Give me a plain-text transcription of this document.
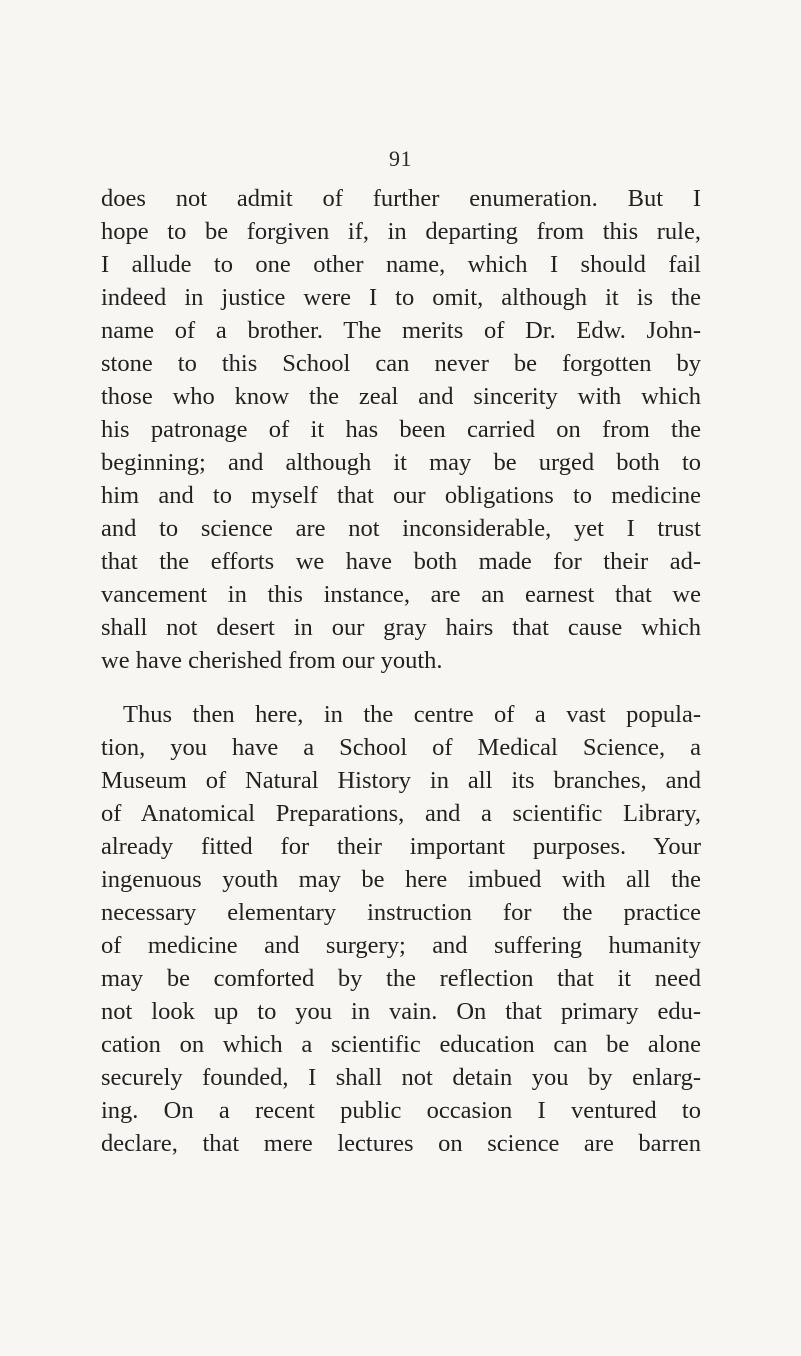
91
does not admit of further enumeration. But I
hope to be forgiven if, in departing from this rule,
I allude to one other name, which I should fail
indeed in justice were I to omit, although it is the
name of a brother. The merits of Dr. Edw. John-
stone to this School can never be forgotten by
those who know the zeal and sincerity with which
his patronage of it has been carried on from the
beginning; and although it may be urged both to
him and to myself that our obligations to medicine
and to science are not inconsiderable, yet I trust
that the efforts we have both made for their ad-
vancement in this instance, are an earnest that we
shall not desert in our gray hairs that cause which
we have cherished from our youth.
Thus then here, in the centre of a vast popula-
tion, you have a School of Medical Science, a
Museum of Natural History in all its branches, and
of Anatomical Preparations, and a scientific Library,
already fitted for their important purposes. Your
ingenuous youth may be here imbued with all the
necessary elementary instruction for the practice
of medicine and surgery; and suffering humanity
may be comforted by the reflection that it need
not look up to you in vain. On that primary edu-
cation on which a scientific education can be alone
securely founded, I shall not detain you by enlarg-
ing. On a recent public occasion I ventured to
declare, that mere lectures on science are barren
